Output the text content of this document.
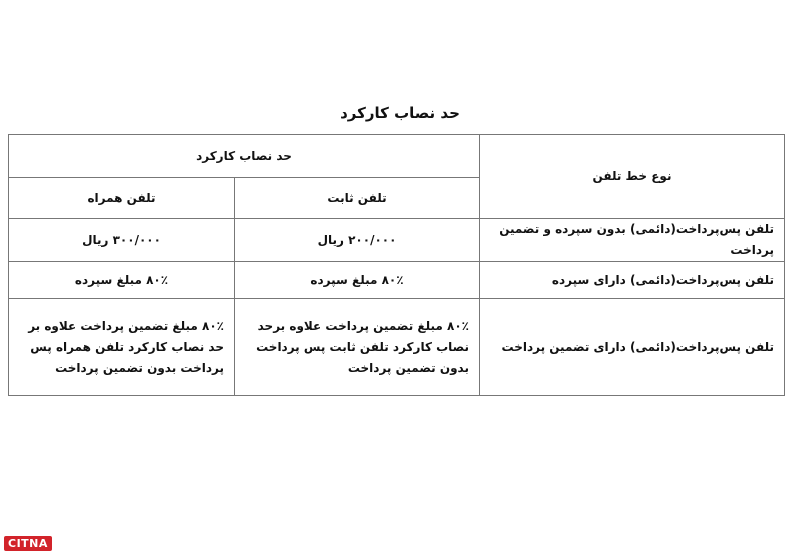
حد نصاب کارکرد
نوع خط تلفن	حد نصاب کارکرد	
	تلفن ثابت	تلفن همراه
تلفن پس‌پرداخت(دائمی) بدون سپرده و تضمین پرداخت	۲۰۰/۰۰۰ ریال	۳۰۰/۰۰۰ ریال
تلفن پس‌پرداخت(دائمی) دارای سپرده	۸۰٪ مبلغ سپرده	۸۰٪ مبلغ سپرده
تلفن پس‌پرداخت(دائمی) دارای تضمین پرداخت	۸۰٪ مبلغ تضمین پرداخت علاوه برحد نصاب کارکرد تلفن ثابت پس پرداخت بدون تضمین پرداخت	۸۰٪ مبلغ تضمین پرداخت علاوه بر حد نصاب کارکرد تلفن همراه پس پرداخت بدون تضمین پرداخت
CITNA
